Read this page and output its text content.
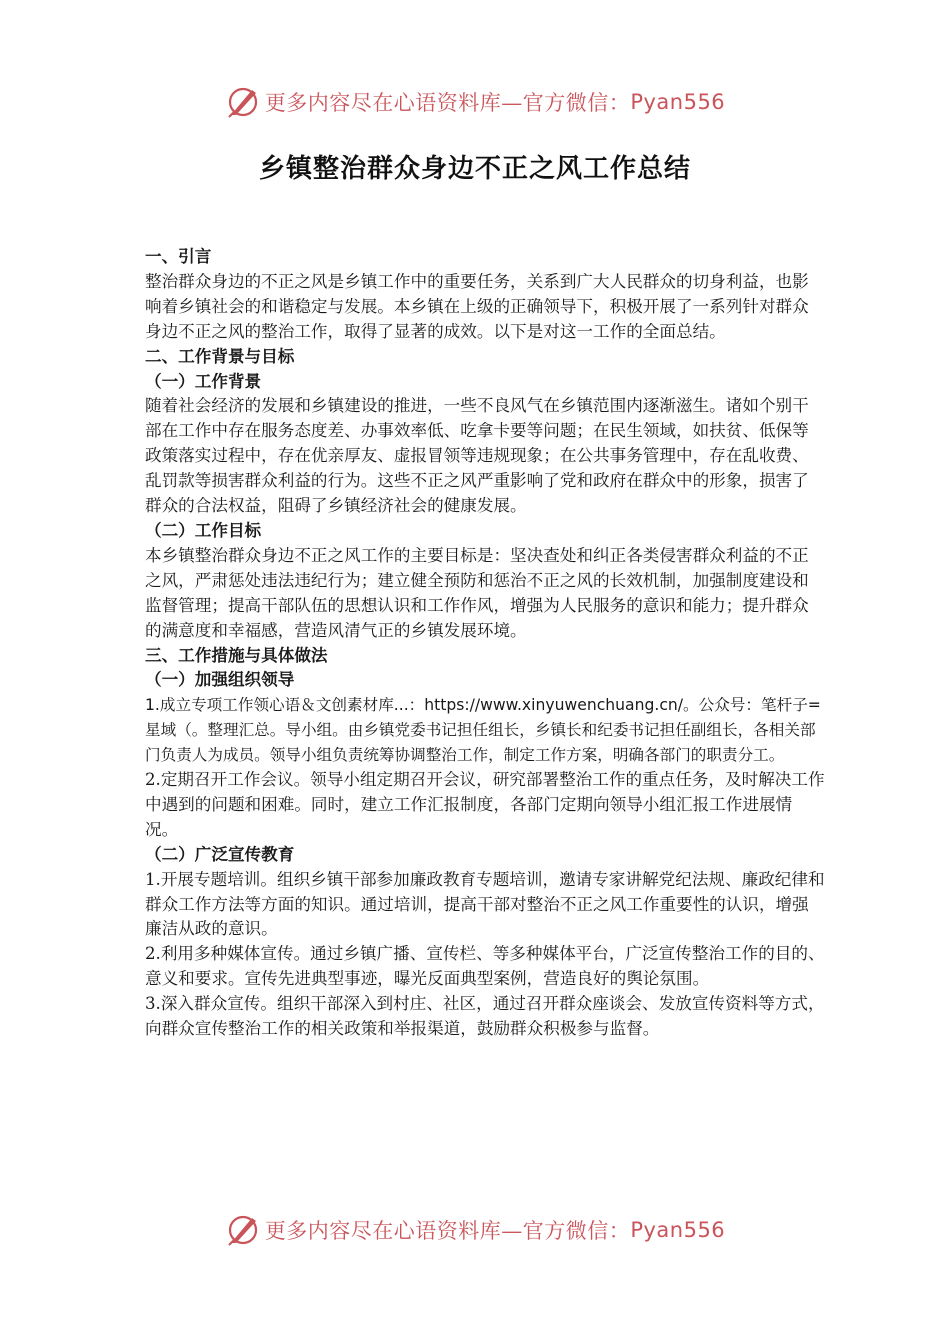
更多内容尽在心语资料库—官方微信： Pyan556
乡镇整治群众身边不正之风工作总结

一、引言

整治群众身边的不正之风是乡镇工作中的重要任务，关系到广大人民群众的切身利益，也影响着乡镇社会的和谐稳定与发展。本乡镇在上级的正确领导下，积极开展了一系列针对群众身边不正之风的整治工作，取得了显著的成效。以下是对这一工作的全面总结。

二、工作背景与目标

（一）工作背景

随着社会经济的发展和乡镇建设的推进，一些不良风气在乡镇范围内逐渐滋生。诸如个别干部在工作中存在服务态度差、办事效率低、吃拿卡要等问题；在民生领域，如扶贫、低保等政策落实过程中，存在优亲厚友、虚报冒领等违规现象；在公共事务管理中，存在乱收费、乱罚款等损害群众利益的行为。这些不正之风严重影响了党和政府在群众中的形象，损害了群众的合法权益，阻碍了乡镇经济社会的健康发展。

（二）工作目标

本乡镇整治群众身边不正之风工作的主要目标是：坚决查处和纠正各类侵害群众利益的不正之风，严肃惩处违法违纪行为；建立健全预防和惩治不正之风的长效机制，加强制度建设和监督管理；提高干部队伍的思想认识和工作作风，增强为人民服务的意识和能力；提升群众的满意度和幸福感，营造风清气正的乡镇发展环境。

三、工作措施与具体做法

（一）加强组织领导

1.成立专项工作领心语＆文创素材库...：https://www.xinyuwenchuang.cn/。公众号：笔杆子=星域（。整理汇总。导小组。由乡镇党委书记担任组长，乡镇长和纪委书记担任副组长，各相关部门负责人为成员。领导小组负责统筹协调整治工作，制定工作方案，明确各部门的职责分工。

2.定期召开工作会议。领导小组定期召开会议，研究部署整治工作的重点任务，及时解决工作中遇到的问题和困难。同时，建立工作汇报制度，各部门定期向领导小组汇报工作进展情况。

（二）广泛宣传教育

1.开展专题培训。组织乡镇干部参加廉政教育专题培训，邀请专家讲解党纪法规、廉政纪律和群众工作方法等方面的知识。通过培训，提高干部对整治不正之风工作重要性的认识，增强廉洁从政的意识。

2.利用多种媒体宣传。通过乡镇广播、宣传栏、等多种媒体平台，广泛宣传整治工作的目的、意义和要求。宣传先进典型事迹，曝光反面典型案例，营造良好的舆论氛围。

3.深入群众宣传。组织干部深入到村庄、社区，通过召开群众座谈会、发放宣传资料等方式，向群众宣传整治工作的相关政策和举报渠道，鼓励群众积极参与监督。

更多内容尽在心语资料库—官方微信： Pyan556
